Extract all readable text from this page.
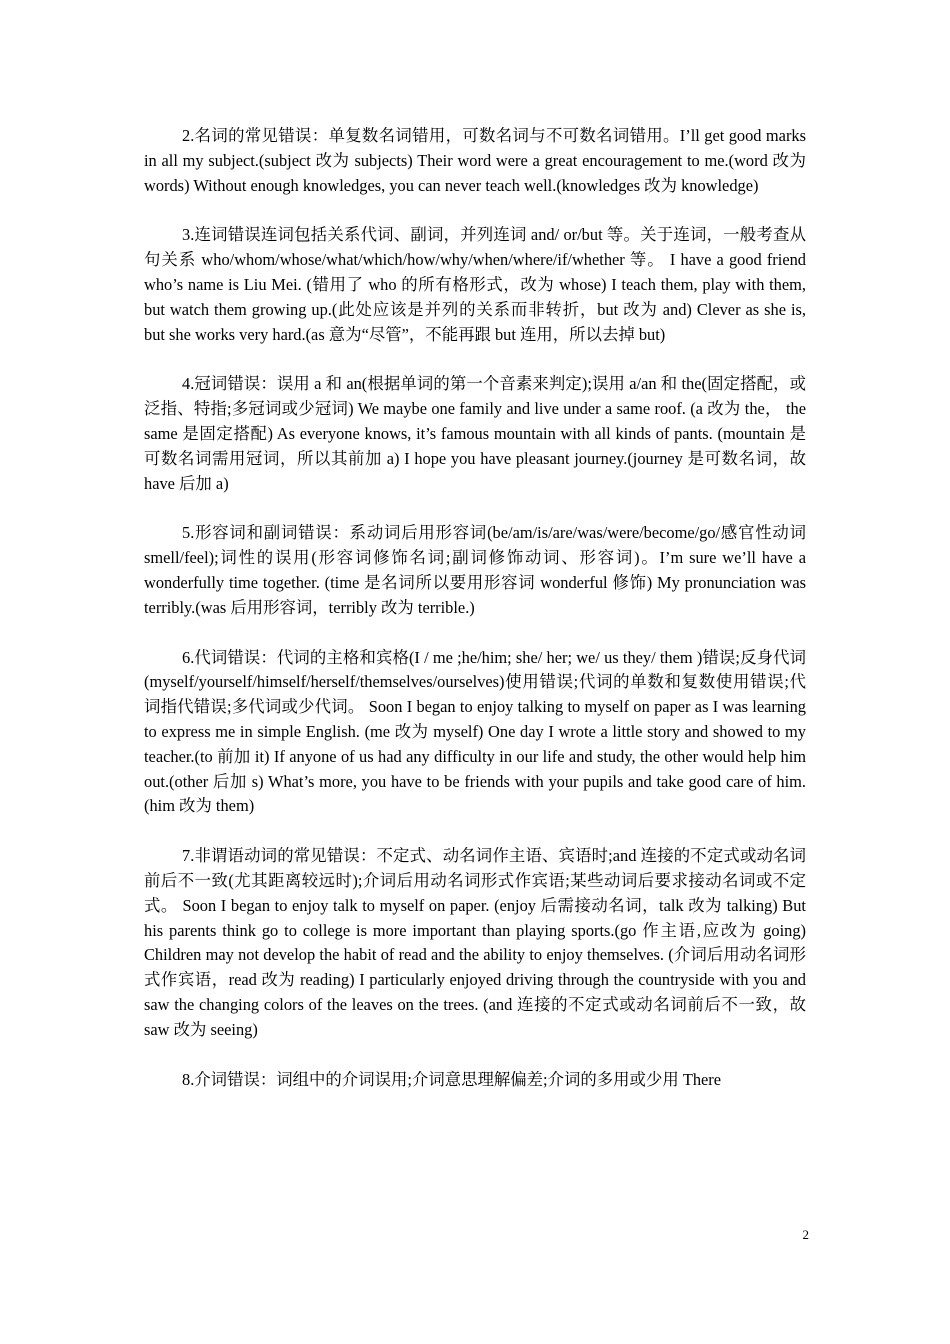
2.名词的常见错误：单复数名词错用，可数名词与不可数名词错用。I’ll get good marks in all my subject.(subject 改为 subjects) Their word were a great encouragement to me.(word 改为 words) Without enough knowledges, you can never teach well.(knowledges 改为 knowledge)

3.连词错误连词包括关系代词、副词，并列连词 and/ or/but 等。关于连词，一般考查从句关系 who/whom/whose/what/which/how/why/when/where/if/whether 等。 I have a good friend who’s name is Liu Mei. (错用了 who 的所有格形式，改为 whose) I teach them, play with them, but watch them growing up.(此处应该是并列的关系而非转折，but 改为 and) Clever as she is, but she works very hard.(as 意为“尽管”，不能再跟 but 连用，所以去掉 but)

4.冠词错误：误用 a 和 an(根据单词的第一个音素来判定);误用 a/an 和 the(固定搭配，或泛指、特指;多冠词或少冠词) We maybe one family and live under a same roof. (a 改为 the， the same 是固定搭配) As everyone knows, it’s famous mountain with all kinds of pants. (mountain 是可数名词需用冠词，所以其前加 a) I hope you have pleasant journey.(journey 是可数名词，故 have 后加 a)

5.形容词和副词错误：系动词后用形容词(be/am/is/are/was/were/become/go/感官性动词 smell/feel);词性的误用(形容词修饰名词;副词修饰动词、形容词)。I’m sure we’ll have a wonderfully time together. (time 是名词所以要用形容词 wonderful 修饰) My pronunciation was terribly.(was 后用形容词，terribly 改为 terrible.)

6.代词错误：代词的主格和宾格(I / me ;he/him; she/ her; we/ us they/ them )错误;反身代词(myself/yourself/himself/herself/themselves/ourselves)使用错误;代词的单数和复数使用错误;代词指代错误;多代词或少代词。 Soon I began to enjoy talking to myself on paper as I was learning to express me in simple English. (me 改为 myself) One day I wrote a little story and showed to my teacher.(to 前加 it) If anyone of us had any difficulty in our life and study, the other would help him out.(other 后加 s) What’s more, you have to be friends with your pupils and take good care of him. (him 改为 them)

7.非谓语动词的常见错误：不定式、动名词作主语、宾语时;and 连接的不定式或动名词前后不一致(尤其距离较远时);介词后用动名词形式作宾语;某些动词后要求接动名词或不定式。 Soon I began to enjoy talk to myself on paper. (enjoy 后需接动名词，talk 改为 talking) But his parents think go to college is more important than playing sports.(go 作主语,应改为 going) Children may not develop the habit of read and the ability to enjoy themselves. (介词后用动名词形式作宾语，read 改为 reading) I particularly enjoyed driving through the countryside with you and saw the changing colors of the leaves on the trees. (and 连接的不定式或动名词前后不一致，故 saw 改为 seeing)

8.介词错误：词组中的介词误用;介词意思理解偏差;介词的多用或少用 There

2
